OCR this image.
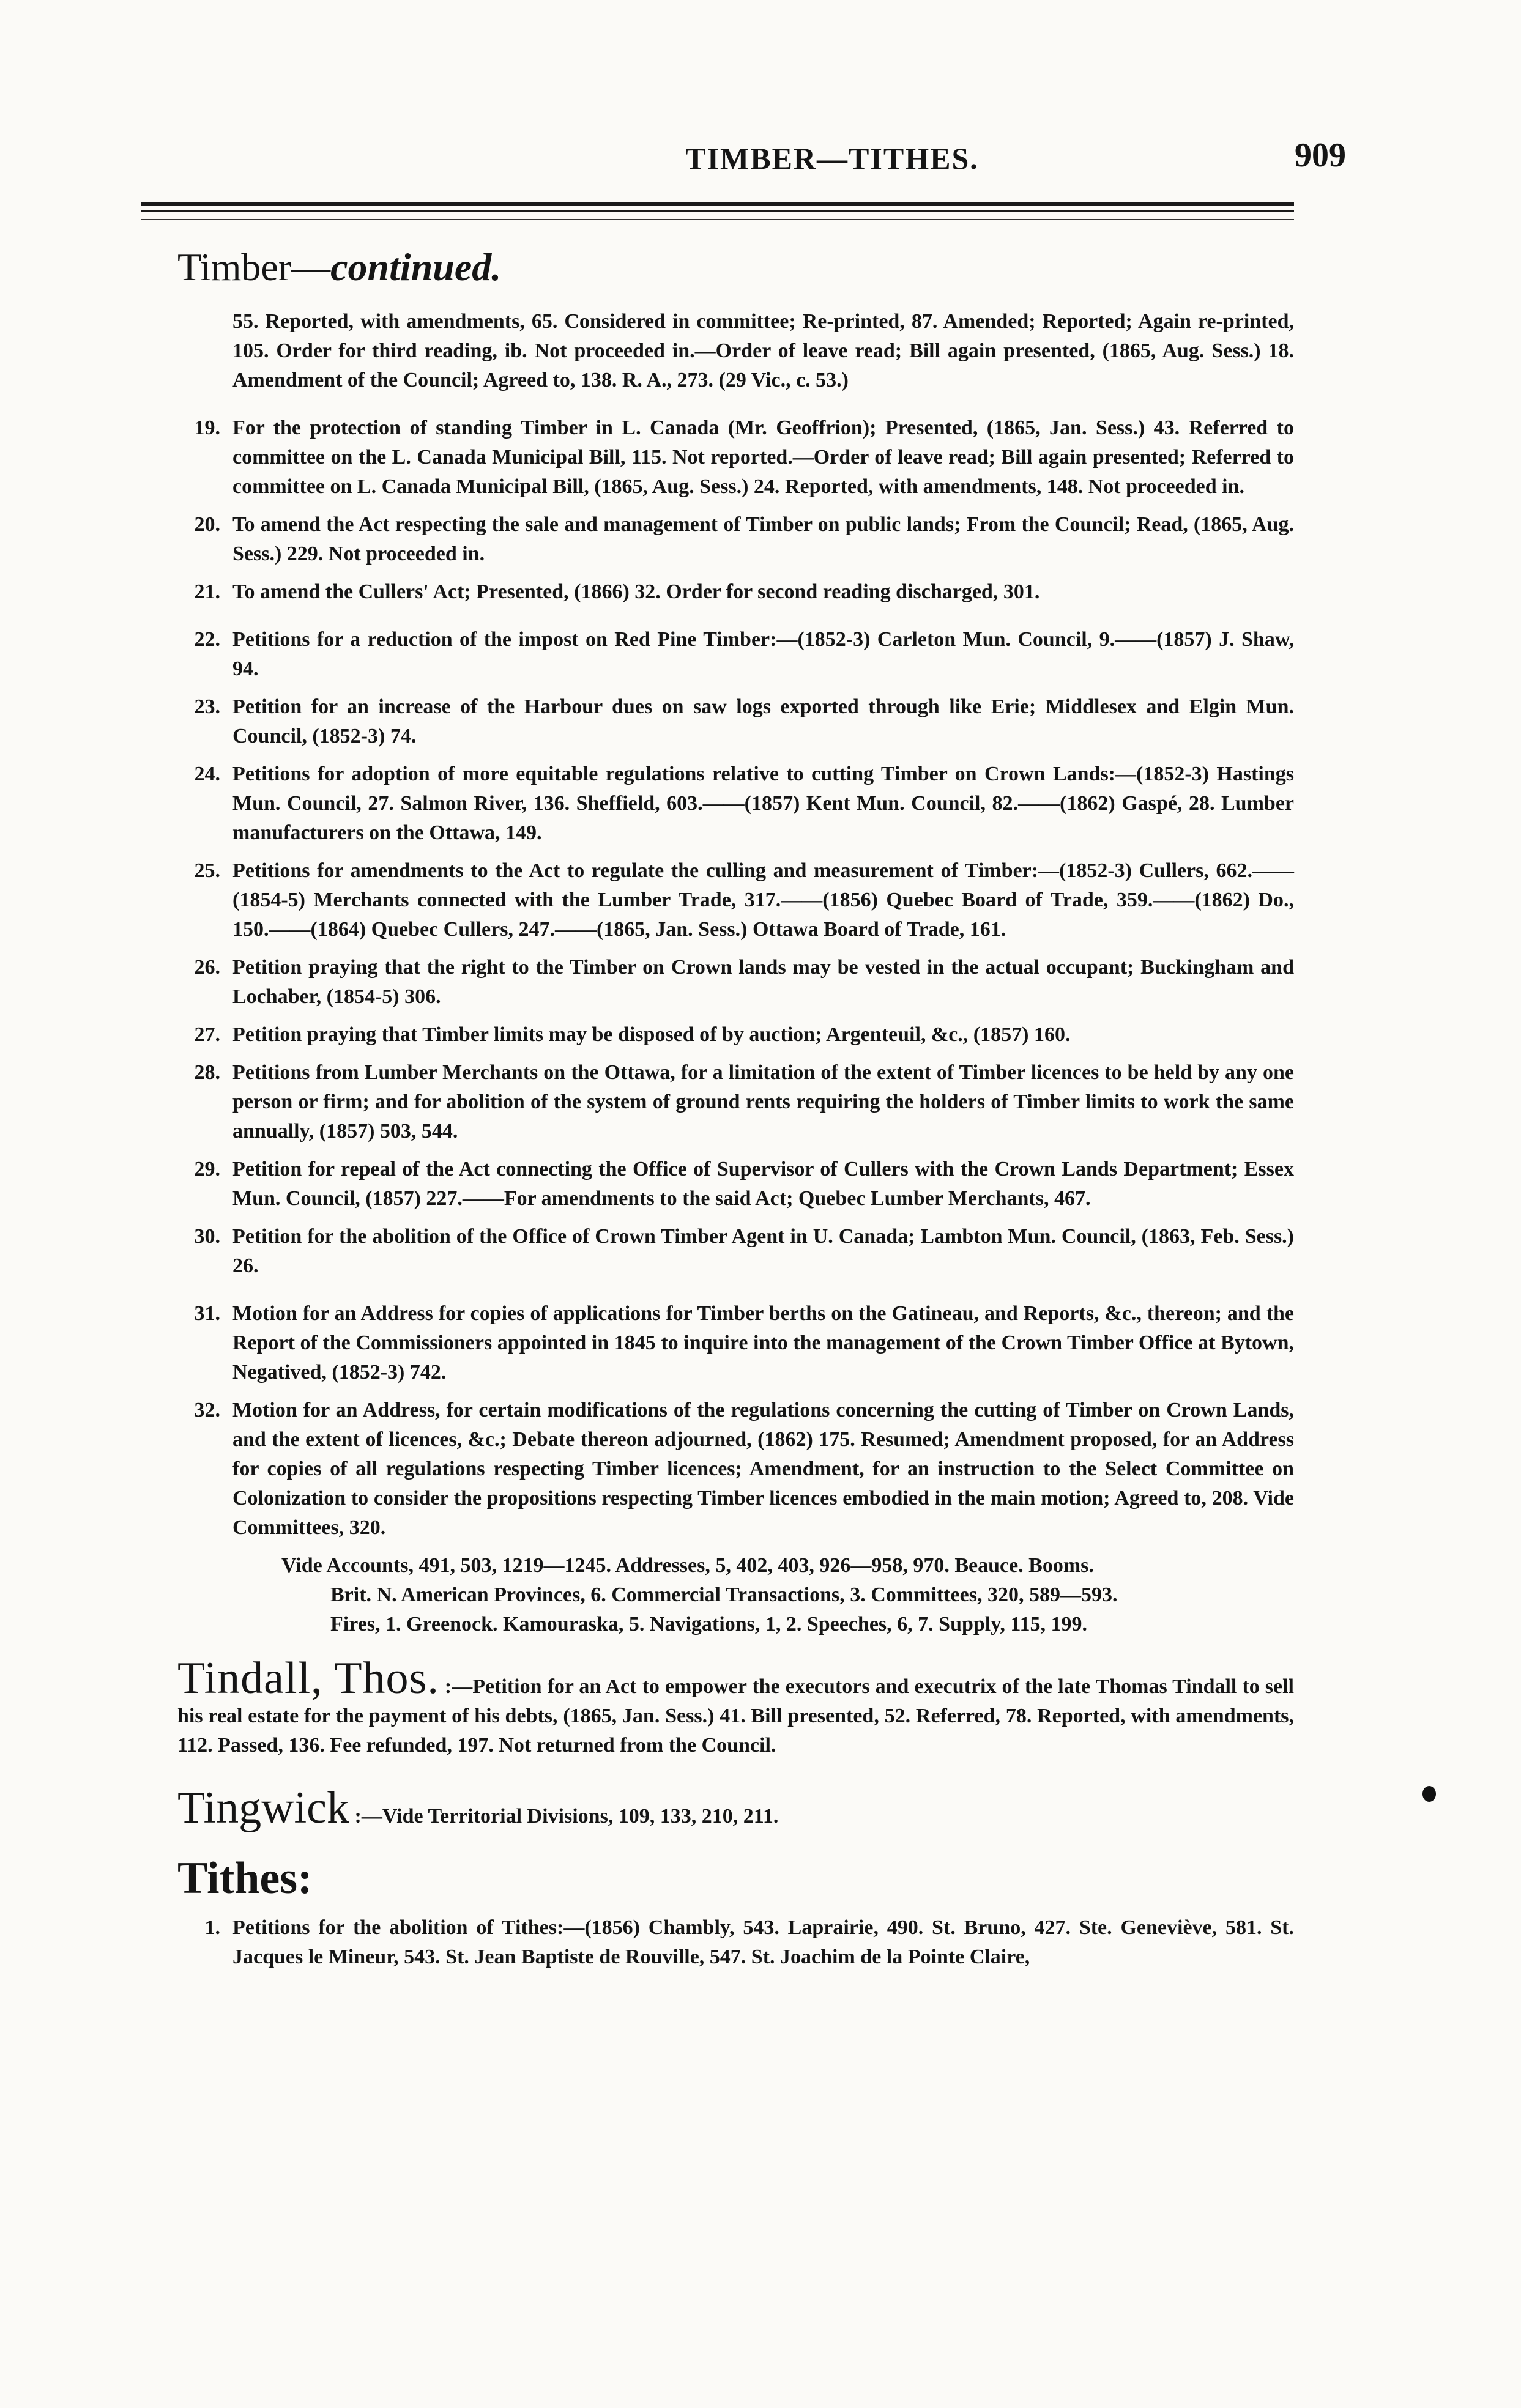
TIMBER—TITHES.	909
Timber—continued.
55. Reported, with amendments, 65. Considered in committee; Re-printed, 87. Amended; Reported; Again re-printed, 105. Order for third reading, ib. Not proceeded in.—Order of leave read; Bill again presented, (1865, Aug. Sess.) 18. Amendment of the Council; Agreed to, 138. R. A., 273. (29 Vic., c. 53.)
19. For the protection of standing Timber in L. Canada (Mr. Geoffrion); Presented, (1865, Jan. Sess.) 43. Referred to committee on the L. Canada Municipal Bill, 115. Not reported.—Order of leave read; Bill again presented; Referred to committee on L. Canada Municipal Bill, (1865, Aug. Sess.) 24. Reported, with amendments, 148. Not proceeded in.
20. To amend the Act respecting the sale and management of Timber on public lands; From the Council; Read, (1865, Aug. Sess.) 229. Not proceeded in.
21. To amend the Cullers' Act; Presented, (1866) 32. Order for second reading discharged, 301.
22. Petitions for a reduction of the impost on Red Pine Timber:—(1852-3) Carleton Mun. Council, 9.——(1857) J. Shaw, 94.
23. Petition for an increase of the Harbour dues on saw logs exported through like Erie; Middlesex and Elgin Mun. Council, (1852-3) 74.
24. Petitions for adoption of more equitable regulations relative to cutting Timber on Crown Lands:—(1852-3) Hastings Mun. Council, 27. Salmon River, 136. Sheffield, 603.——(1857) Kent Mun. Council, 82.——(1862) Gaspé, 28. Lumber manufacturers on the Ottawa, 149.
25. Petitions for amendments to the Act to regulate the culling and measurement of Timber:—(1852-3) Cullers, 662.——(1854-5) Merchants connected with the Lumber Trade, 317.——(1856) Quebec Board of Trade, 359.——(1862) Do., 150.——(1864) Quebec Cullers, 247.——(1865, Jan. Sess.) Ottawa Board of Trade, 161.
26. Petition praying that the right to the Timber on Crown lands may be vested in the actual occupant; Buckingham and Lochaber, (1854-5) 306.
27. Petition praying that Timber limits may be disposed of by auction; Argenteuil, &c., (1857) 160.
28. Petitions from Lumber Merchants on the Ottawa, for a limitation of the extent of Timber licences to be held by any one person or firm; and for abolition of the system of ground rents requiring the holders of Timber limits to work the same annually, (1857) 503, 544.
29. Petition for repeal of the Act connecting the Office of Supervisor of Cullers with the Crown Lands Department; Essex Mun. Council, (1857) 227.——For amendments to the said Act; Quebec Lumber Merchants, 467.
30. Petition for the abolition of the Office of Crown Timber Agent in U. Canada; Lambton Mun. Council, (1863, Feb. Sess.) 26.
31. Motion for an Address for copies of applications for Timber berths on the Gatineau, and Reports, &c., thereon; and the Report of the Commissioners appointed in 1845 to inquire into the management of the Crown Timber Office at Bytown, Negatived, (1852-3) 742.
32. Motion for an Address, for certain modifications of the regulations concerning the cutting of Timber on Crown Lands, and the extent of licences, &c.; Debate thereon adjourned, (1862) 175. Resumed; Amendment proposed, for an Address for copies of all regulations respecting Timber licences; Amendment, for an instruction to the Select Committee on Colonization to consider the propositions respecting Timber licences embodied in the main motion; Agreed to, 208. Vide Committees, 320.
Vide Accounts, 491, 503, 1219—1245. Addresses, 5, 402, 403, 926—958, 970. Beauce. Booms.
Brit. N. American Provinces, 6. Commercial Transactions, 3. Committees, 320, 589—593.
Fires, 1. Greenock. Kamouraska, 5. Navigations, 1, 2. Speeches, 6, 7. Supply, 115, 199.
Tindall, Thos. :—Petition for an Act to empower the executors and executrix of the late Thomas Tindall to sell his real estate for the payment of his debts, (1865, Jan. Sess.) 41. Bill presented, 52. Referred, 78. Reported, with amendments, 112. Passed, 136. Fee refunded, 197. Not returned from the Council.
Tingwick :—Vide Territorial Divisions, 109, 133, 210, 211.
Tithes:
1. Petitions for the abolition of Tithes:—(1856) Chambly, 543. Laprairie, 490. St. Bruno, 427. Ste. Geneviève, 581. St. Jacques le Mineur, 543. St. Jean Baptiste de Rouville, 547. St. Joachim de la Pointe Claire,
